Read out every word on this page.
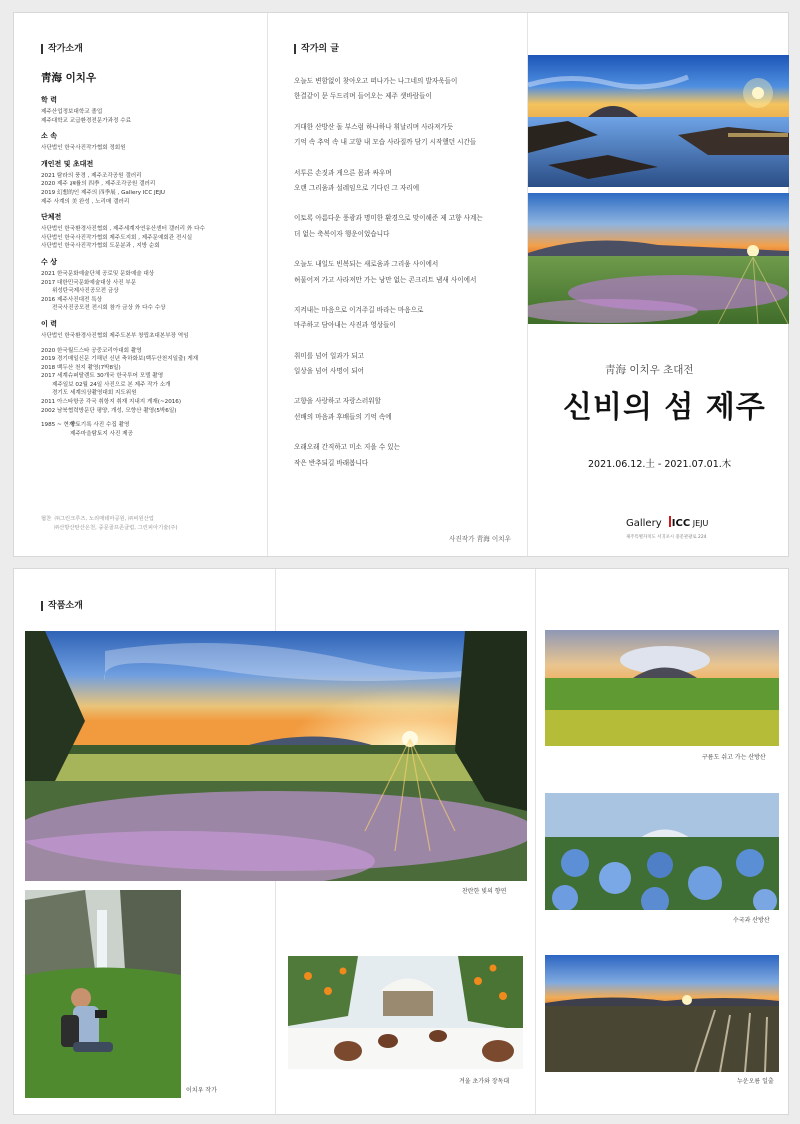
작가소개
靑海 이치우
학 력
제주산업정보대학교 졸업
제주대학교 교급환경전문가과정 수료
소 속
사단법인 한국사진작가협회 정회원
개인전 및 초대전
2021 탐라의 풍경 , 제주조각공원 갤러리
2020 제주 ३ॺ률의 四季 , 제주조각공원 갤러리
2019 幻想的인 제주의 四季展 , Gallery ICC JEJU
제주 사계의 美 완성 , 노리매 갤러리
단체전
사단법인 한국환경사진협회 , 제주세계자연유산센터 갤러리 外 다수
사단법인 한국사진작가협회 제주도지회 , 제주문예회관 전시실
사단법인 한국사진작가협회 도문분과 , 지방 순회
수 상
2021 한국문화예술단체 공로및 문화예술 대상
2017 대한민국문화예술대상 사진 부문
위성탄국제사진공모전 금상
2016 제주사진대전 특상
전국사진공모전 전시회 참가 금상 外 다수 수상
이 력
사단법인 한국환경사진협회 제주도본부 창립초대본부장 역임
2020 한국월드스타 공중코리아대회 촬영
2019 경기매일신문 기해년 신년 축하화보(백두산천지일출) 게재
2018 백두산 천지 촬영(7박8일)
2017 세계슈퍼탈렌트 30개국 한국투어 모델 촬영
제주일보 02월 24일 사진으로 본 제주 작가 소개
경기도 세계의상촬영대회 지도위원
2011 아스타항공 각국 취항지 취재 지내지 게재(~2016)
2002 남북협력방문단 평양, 개성, 모향산 촬영(5박6일)
1985 ~ 현재
향토기록 사진 수집 촬영
제주마을탐토지 사진 제공
협찬 ㈜그린크루즈, 노리매테마공원, ㈜비원산업
㈜산방산탄산온천, 중문골프존클럽, 그린피아기술(주)
작가의 글
오늘도 변함없이 찾아오고 떠나가는 나그네의 발자욱들이
한결같이 문 두드리며 들어오는 제주 샛바람들이
거대한 산방산 돌 부스럼 하나하나 휘날리며 사라져가듯
기억 속 추억 속 내 고향 내 모습 사라질까 담기 시작했던 시간들
서투른 손짓과 게으른 몸과 싸우며
오랜 그리움과 설레임으로 기다린 그 자리에
이토록 아름다운 풍광과 명미한 환경으로 맞이해준 제 고향 사계는
더 없는 축복이자 행운이었습니다
오늘도 내일도 빈복되는 새로움과 그리움 사이에서
허물어져 가고 사라져만 가는 낭만 없는 콘크리트 냄새 사이에서
지켜내는 마음으로 이겨주길 바라는 마음으로
마주하고 담아내는 사진과 영상들이
취미를 넘어 일과가 되고
일상을 넘어 사명이 되어
고향을 사랑하고 자랑스러워할
선배의 마음과 후배들의 기억 속에
오래오래 간직하고 미소 지을 수 있는
작은 반추되길 바래봅니다
사진작가 靑海 이치우
靑海 이치우 초대전
신비의 섬 제주
2021.06.12.土 - 2021.07.01.木
Gallery ICC JEJU
제주특별자치도 서귀포시 중문관광로 224
작품소개
찬란한 빛의 향연
이치우 작가
겨울 초가와 장독대
구름도 쉬고 가는 산방산
수국과 산방산
누운오름 일출
